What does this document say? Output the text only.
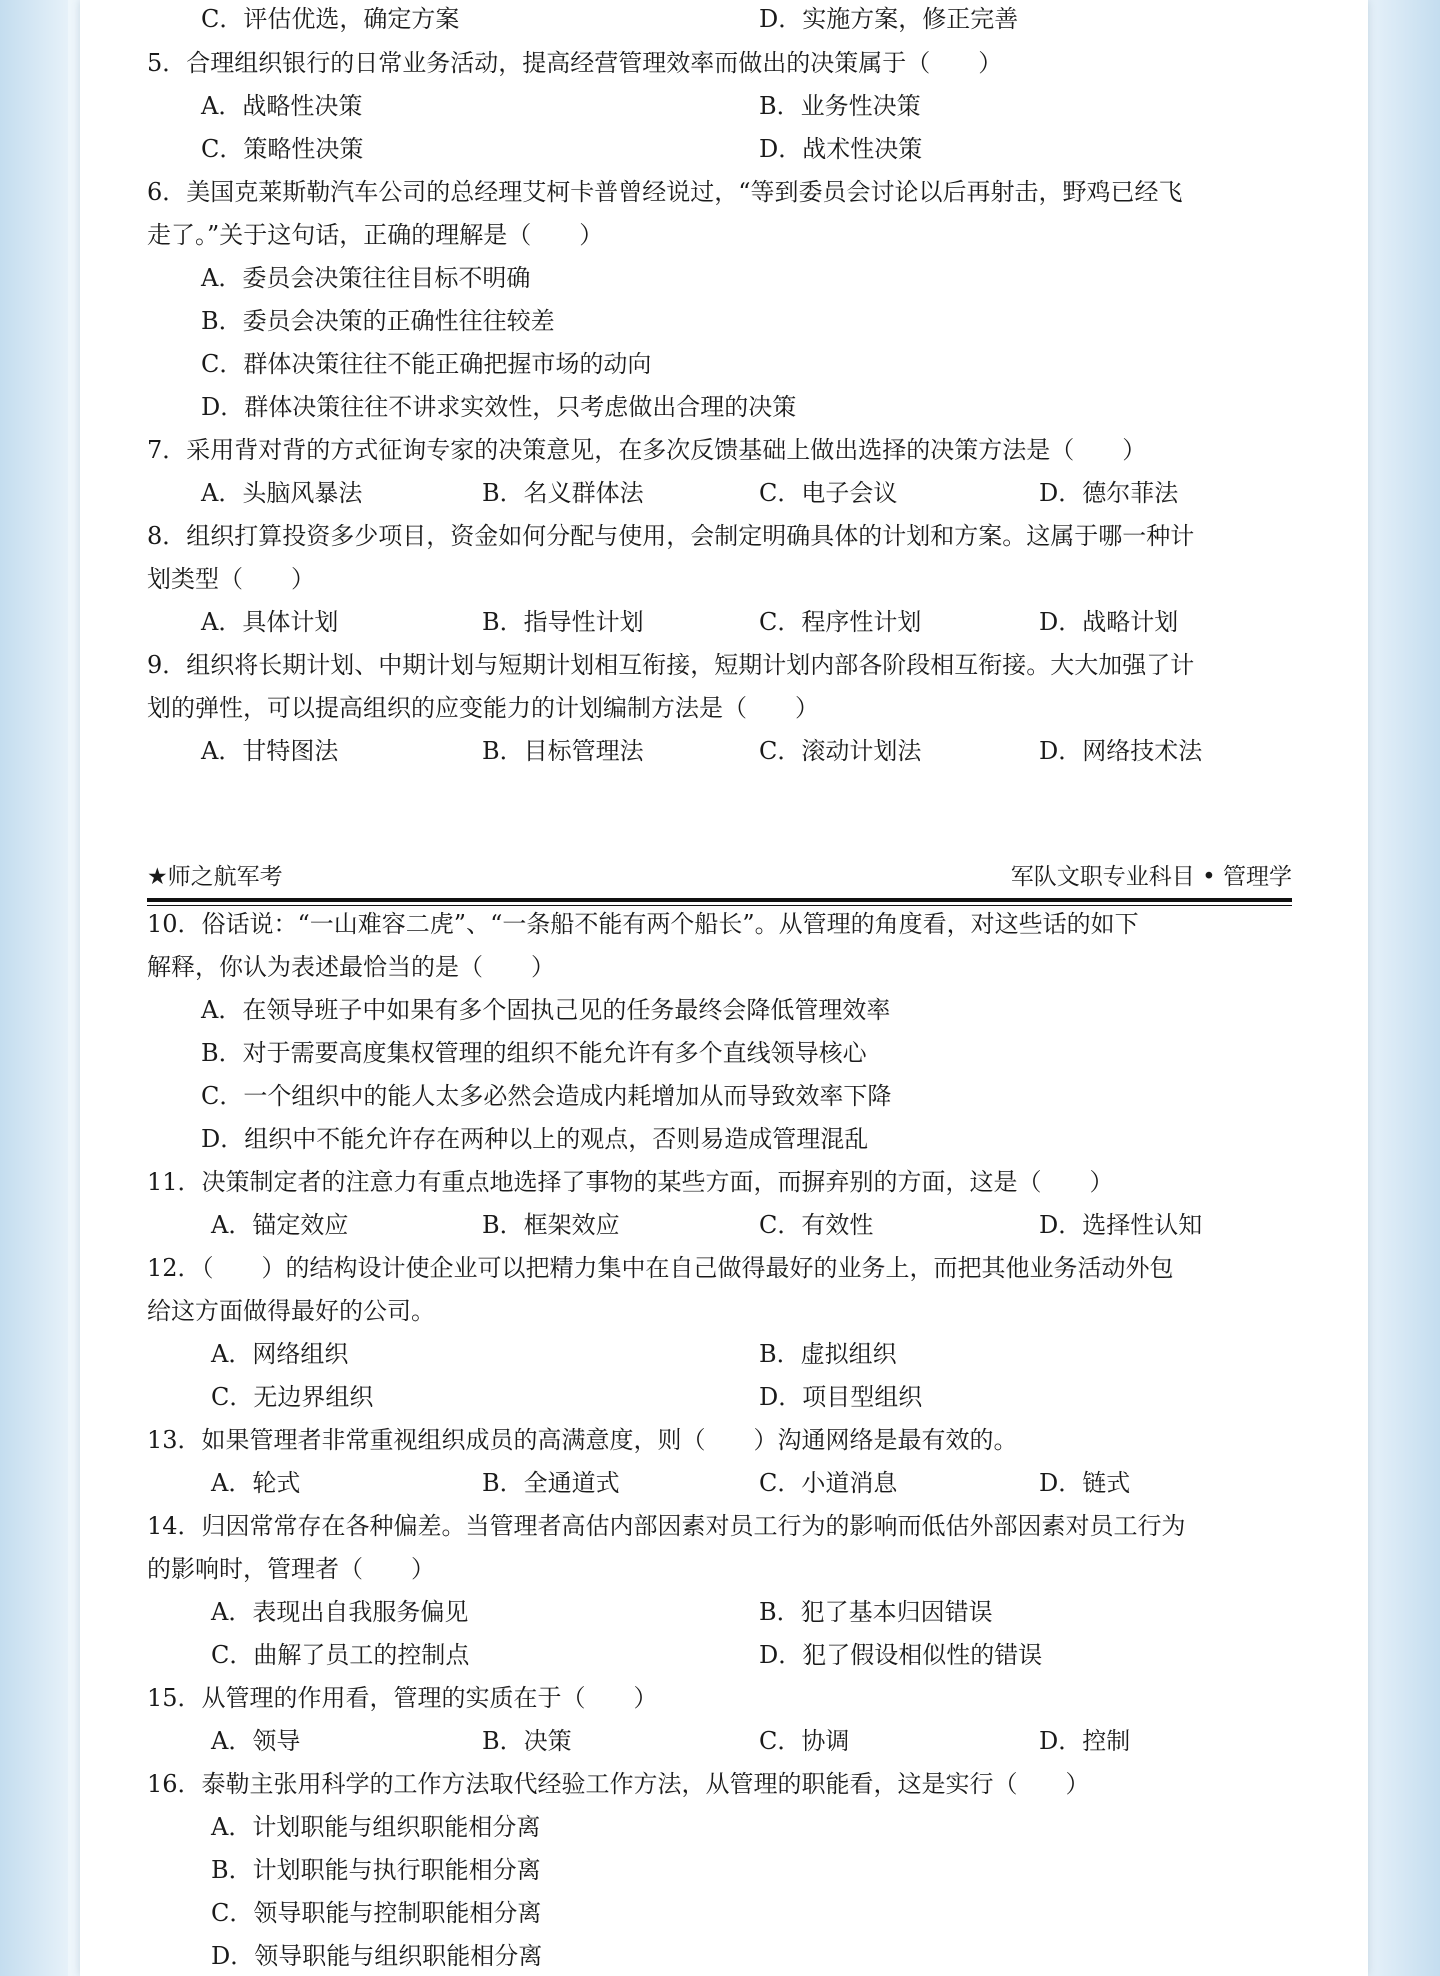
★师之航军考	军队文职专业科目 • 管理学
C．评估优选，确定方案	D．实施方案，修正完善
5．合理组织银行的日常业务活动，提高经营管理效率而做出的决策属于（　　）
A．战略性决策	B．业务性决策
C．策略性决策	D．战术性决策
6．美国克莱斯勒汽车公司的总经理艾柯卡普曾经说过，“等到委员会讨论以后再射击，野鸡已经飞
走了。”关于这句话，正确的理解是（　　）
A．委员会决策往往目标不明确
B．委员会决策的正确性往往较差
C．群体决策往往不能正确把握市场的动向
D．群体决策往往不讲求实效性，只考虑做出合理的决策
7．采用背对背的方式征询专家的决策意见，在多次反馈基础上做出选择的决策方法是（　　）
A．头脑风暴法	B．名义群体法	C．电子会议	D．德尔菲法
8．组织打算投资多少项目，资金如何分配与使用，会制定明确具体的计划和方案。这属于哪一种计
划类型（　　）
A．具体计划	B．指导性计划	C．程序性计划	D．战略计划
9．组织将长期计划、中期计划与短期计划相互衔接，短期计划内部各阶段相互衔接。大大加强了计
划的弹性，可以提高组织的应变能力的计划编制方法是（　　）
A．甘特图法	B．目标管理法	C．滚动计划法	D．网络技术法
10．俗话说：“一山难容二虎”、“一条船不能有两个船长”。从管理的角度看，对这些话的如下
解释，你认为表述最恰当的是（　　）
A．在领导班子中如果有多个固执己见的任务最终会降低管理效率
B．对于需要高度集权管理的组织不能允许有多个直线领导核心
C．一个组织中的能人太多必然会造成内耗增加从而导致效率下降
D．组织中不能允许存在两种以上的观点，否则易造成管理混乱
11．决策制定者的注意力有重点地选择了事物的某些方面，而摒弃别的方面，这是（　　）
A．锚定效应	B．框架效应	C．有效性	D．选择性认知
12．（　　）的结构设计使企业可以把精力集中在自己做得最好的业务上，而把其他业务活动外包
给这方面做得最好的公司。
A．网络组织	B．虚拟组织
C．无边界组织	D．项目型组织
13．如果管理者非常重视组织成员的高满意度，则（　　）沟通网络是最有效的。
A．轮式	B．全通道式	C．小道消息	D．链式
14．归因常常存在各种偏差。当管理者高估内部因素对员工行为的影响而低估外部因素对员工行为
的影响时，管理者（　　）
A．表现出自我服务偏见	B．犯了基本归因错误
C．曲解了员工的控制点	D．犯了假设相似性的错误
15．从管理的作用看，管理的实质在于（　　）
A．领导	B．决策	C．协调	D．控制
16．泰勒主张用科学的工作方法取代经验工作方法，从管理的职能看，这是实行（　　）
A．计划职能与组织职能相分离
B．计划职能与执行职能相分离
C．领导职能与控制职能相分离
D．领导职能与组织职能相分离
